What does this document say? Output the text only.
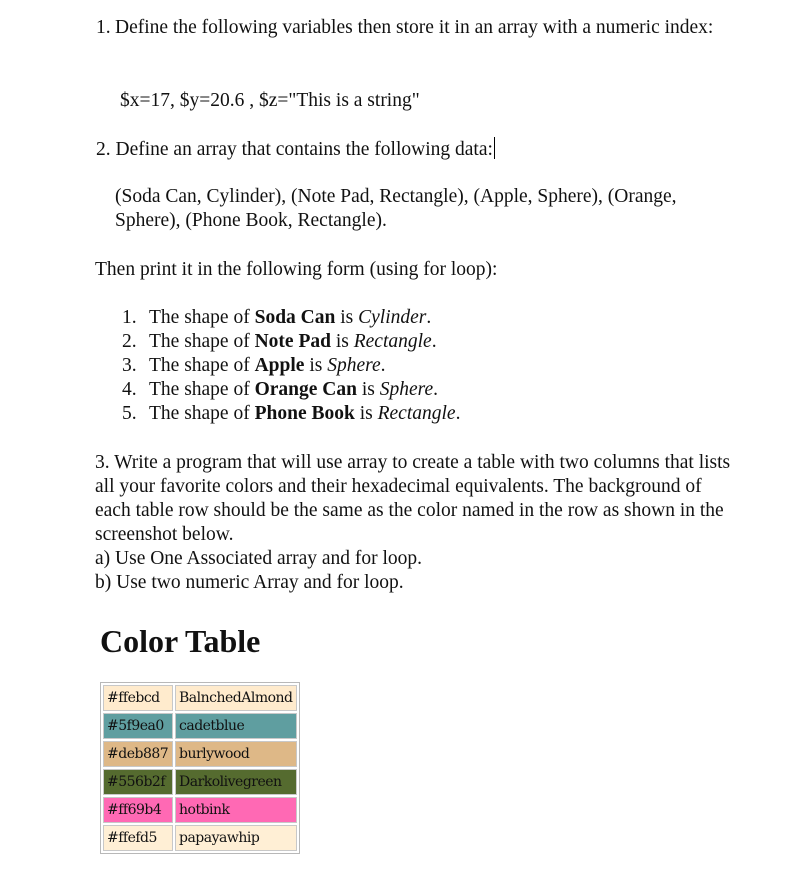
1. Define the following variables then store it in an array with a numeric index:
$x=17, $y=20.6 , $z="This is a string"
2. Define an array that contains the following data:
(Soda Can, Cylinder), (Note Pad, Rectangle), (Apple, Sphere), (Orange, Sphere), (Phone Book, Rectangle).
Then print it in the following form (using for loop):
1. The shape of Soda Can is Cylinder.
2. The shape of Note Pad is Rectangle.
3. The shape of Apple is Sphere.
4. The shape of Orange Can is Sphere.
5. The shape of Phone Book is Rectangle.
3. Write a program that will use array to create a table with two columns that lists all your favorite colors and their hexadecimal equivalents. The background of each table row should be the same as the color named in the row as shown in the screenshot below.
a) Use One Associated array and for loop.
b) Use two numeric Array and for loop.
Color Table
#ffebcd	BalnchedAlmond
#5f9ea0	cadetblue
#deb887	burlywood
#556b2f	Darkolivegreen
#ff69b4	hotbink
#ffefd5	papayawhip
